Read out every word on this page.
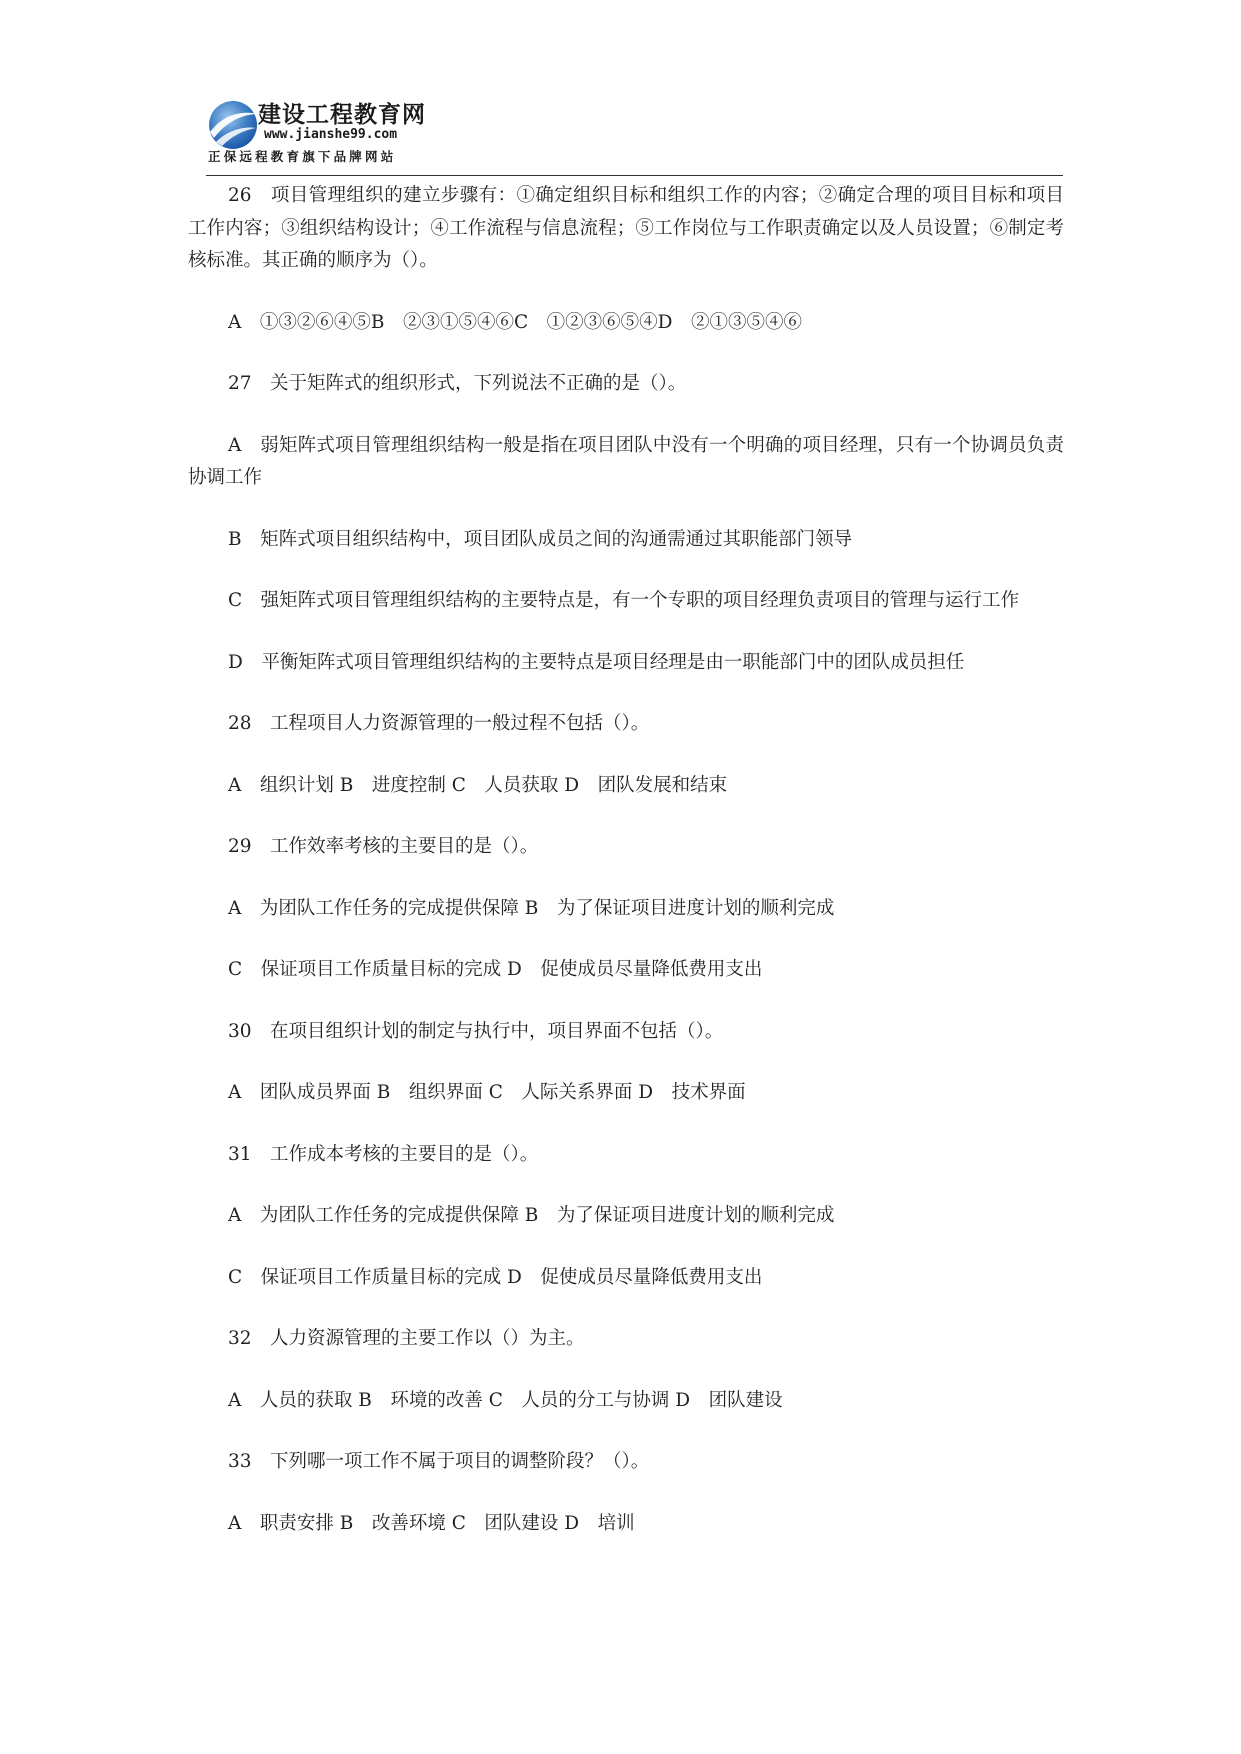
建设工程教育网
www.jianshe99.com
正保远程教育旗下品牌网站

26　项目管理组织的建立步骤有：①确定组织目标和组织工作的内容；②确定合理的项目目标和项目工作内容；③组织结构设计；④工作流程与信息流程；⑤工作岗位与工作职责确定以及人员设置；⑥制定考核标准。其正确的顺序为（）。

A　①③②⑥④⑤B　②③①⑤④⑥C　①②③⑥⑤④D　②①③⑤④⑥

27　关于矩阵式的组织形式，下列说法不正确的是（）。

A　弱矩阵式项目管理组织结构一般是指在项目团队中没有一个明确的项目经理，只有一个协调员负责协调工作

B　矩阵式项目组织结构中，项目团队成员之间的沟通需通过其职能部门领导

C　强矩阵式项目管理组织结构的主要特点是，有一个专职的项目经理负责项目的管理与运行工作

D　平衡矩阵式项目管理组织结构的主要特点是项目经理是由一职能部门中的团队成员担任

28　工程项目人力资源管理的一般过程不包括（）。

A　组织计划 B　进度控制 C　人员获取 D　团队发展和结束

29　工作效率考核的主要目的是（）。

A　为团队工作任务的完成提供保障 B　为了保证项目进度计划的顺利完成

C　保证项目工作质量目标的完成 D　促使成员尽量降低费用支出

30　在项目组织计划的制定与执行中，项目界面不包括（）。

A　团队成员界面 B　组织界面 C　人际关系界面 D　技术界面

31　工作成本考核的主要目的是（）。

A　为团队工作任务的完成提供保障 B　为了保证项目进度计划的顺利完成

C　保证项目工作质量目标的完成 D　促使成员尽量降低费用支出

32　人力资源管理的主要工作以（）为主。

A　人员的获取 B　环境的改善 C　人员的分工与协调 D　团队建设

33　下列哪一项工作不属于项目的调整阶段？（）。

A　职责安排 B　改善环境 C　团队建设 D　培训
